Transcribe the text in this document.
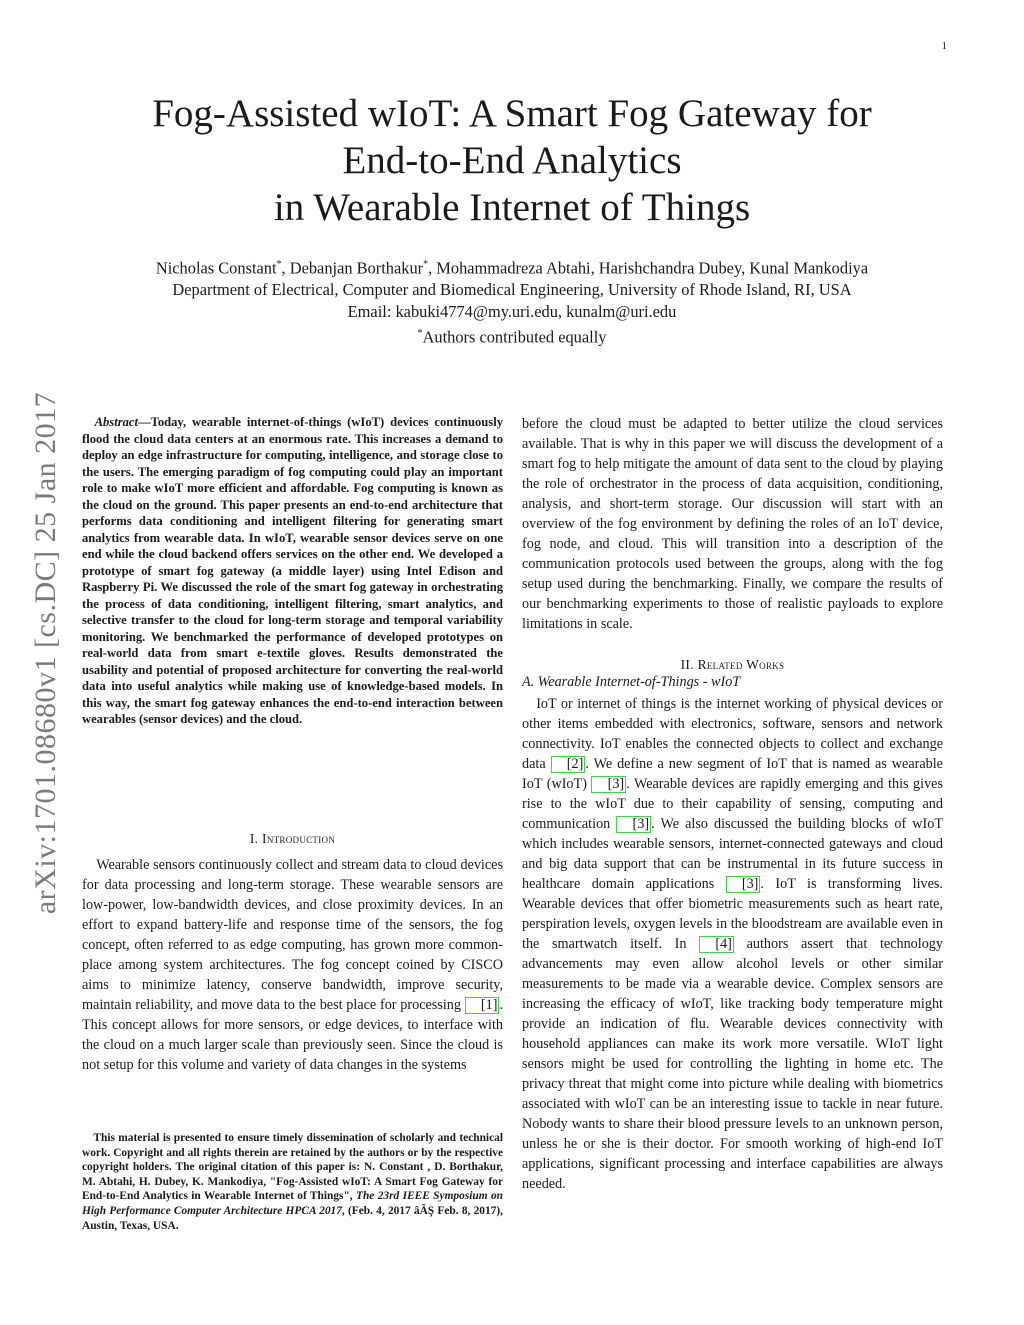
1
Fog-Assisted wIoT: A Smart Fog Gateway for
End-to-End Analytics
in Wearable Internet of Things
Nicholas Constant*, Debanjan Borthakur*, Mohammadreza Abtahi, Harishchandra Dubey, Kunal Mankodiya
Department of Electrical, Computer and Biomedical Engineering, University of Rhode Island, RI, USA
Email: kabuki4774@my.uri.edu, kunalm@uri.edu
*Authors contributed equally
arXiv:1701.08680v1 [cs.DC] 25 Jan 2017	Abstract—Today, wearable internet-of-things (wIoT) devices continuously flood the cloud data centers at an enormous rate. This increases a demand to deploy an edge infrastructure for computing, intelligence, and storage close to the users. The emerging paradigm of fog computing could play an important role to make wIoT more efficient and affordable. Fog computing is known as the cloud on the ground. This paper presents an end-to-end architecture that performs data conditioning and intelligent filtering for generating smart analytics from wearable data. In wIoT, wearable sensor devices serve on one end while the cloud backend offers services on the other end. We developed a prototype of smart fog gateway (a middle layer) using Intel Edison and Raspberry Pi. We discussed the role of the smart fog gateway in orchestrating the process of data conditioning, intelligent filtering, smart analytics, and selective transfer to the cloud for long-term storage and temporal variability monitoring. We benchmarked the performance of developed prototypes on real-world data from smart e-textile gloves. Results demonstrated the usability and potential of proposed architecture for converting the real-world data into useful analytics while making use of knowledge-based models. In this way, the smart fog gateway enhances the end-to-end interaction between wearables (sensor devices) and the cloud.

I. Introduction

Wearable sensors continuously collect and stream data to cloud devices for data processing and long-term storage. These wearable sensors are low-power, low-bandwidth devices, and close proximity devices. In an effort to expand battery-life and response time of the sensors, the fog concept, often referred to as edge computing, has grown more common-place among system architectures. The fog concept coined by CISCO aims to minimize latency, conserve bandwidth, improve security, maintain reliability, and move data to the best place for processing [1] . This concept allows for more sensors, or edge devices, to interface with the cloud on a much larger scale than previously seen. Since the cloud is not setup for this volume and variety of data changes in the systems

This material is presented to ensure timely dissemination of scholarly and technical work. Copyright and all rights therein are retained by the authors or by the respective copyright holders. The original citation of this paper is: N. Constant , D. Borthakur, M. Abtahi, H. Dubey, K. Mankodiya, "Fog-Assisted wIoT: A Smart Fog Gateway for End-to-End Analytics in Wearable Internet of Things", The 23rd IEEE Symposium on High Performance Computer Architecture HPCA 2017, (Feb. 4, 2017 âĂŞ Feb. 8, 2017), Austin, Texas, USA.

before the cloud must be adapted to better utilize the cloud services available. That is why in this paper we will discuss the development of a smart fog to help mitigate the amount of data sent to the cloud by playing the role of orchestrator in the process of data acquisition, conditioning, analysis, and short-term storage. Our discussion will start with an overview of the fog environment by defining the roles of an IoT device, fog node, and cloud. This will transition into a description of the communication protocols used between the groups, along with the fog setup used during the benchmarking. Finally, we compare the results of our benchmarking experiments to those of realistic payloads to explore limitations in scale.

II. Related Works
A. Wearable Internet-of-Things - wIoT

IoT or internet of things is the internet working of physical devices or other items embedded with electronics, software, sensors and network connectivity. IoT enables the connected objects to collect and exchange data [2] . We define a new segment of IoT that is named as wearable IoT (wIoT) [3] . Wearable devices are rapidly emerging and this gives rise to the wIoT due to their capability of sensing, computing and communication [3] . We also discussed the building blocks of wIoT which includes wearable sensors, internet-connected gateways and cloud and big data support that can be instrumental in its future success in healthcare domain applications [3] . IoT is transforming lives. Wearable devices that offer biometric measurements such as heart rate, perspiration levels, oxygen levels in the bloodstream are available even in the smartwatch itself. In [4] authors assert that technology advancements may even allow alcohol levels or other similar measurements to be made via a wearable device. Complex sensors are increasing the efficacy of wIoT, like tracking body temperature might provide an indication of flu. Wearable devices connectivity with household appliances can make its work more versatile. WIoT light sensors might be used for controlling the lighting in home etc. The privacy threat that might come into picture while dealing with biometrics associated with wIoT can be an interesting issue to tackle in near future. Nobody wants to share their blood pressure levels to an unknown person, unless he or she is their doctor. For smooth working of high-end IoT applications, significant processing and interface capabilities are always needed.
